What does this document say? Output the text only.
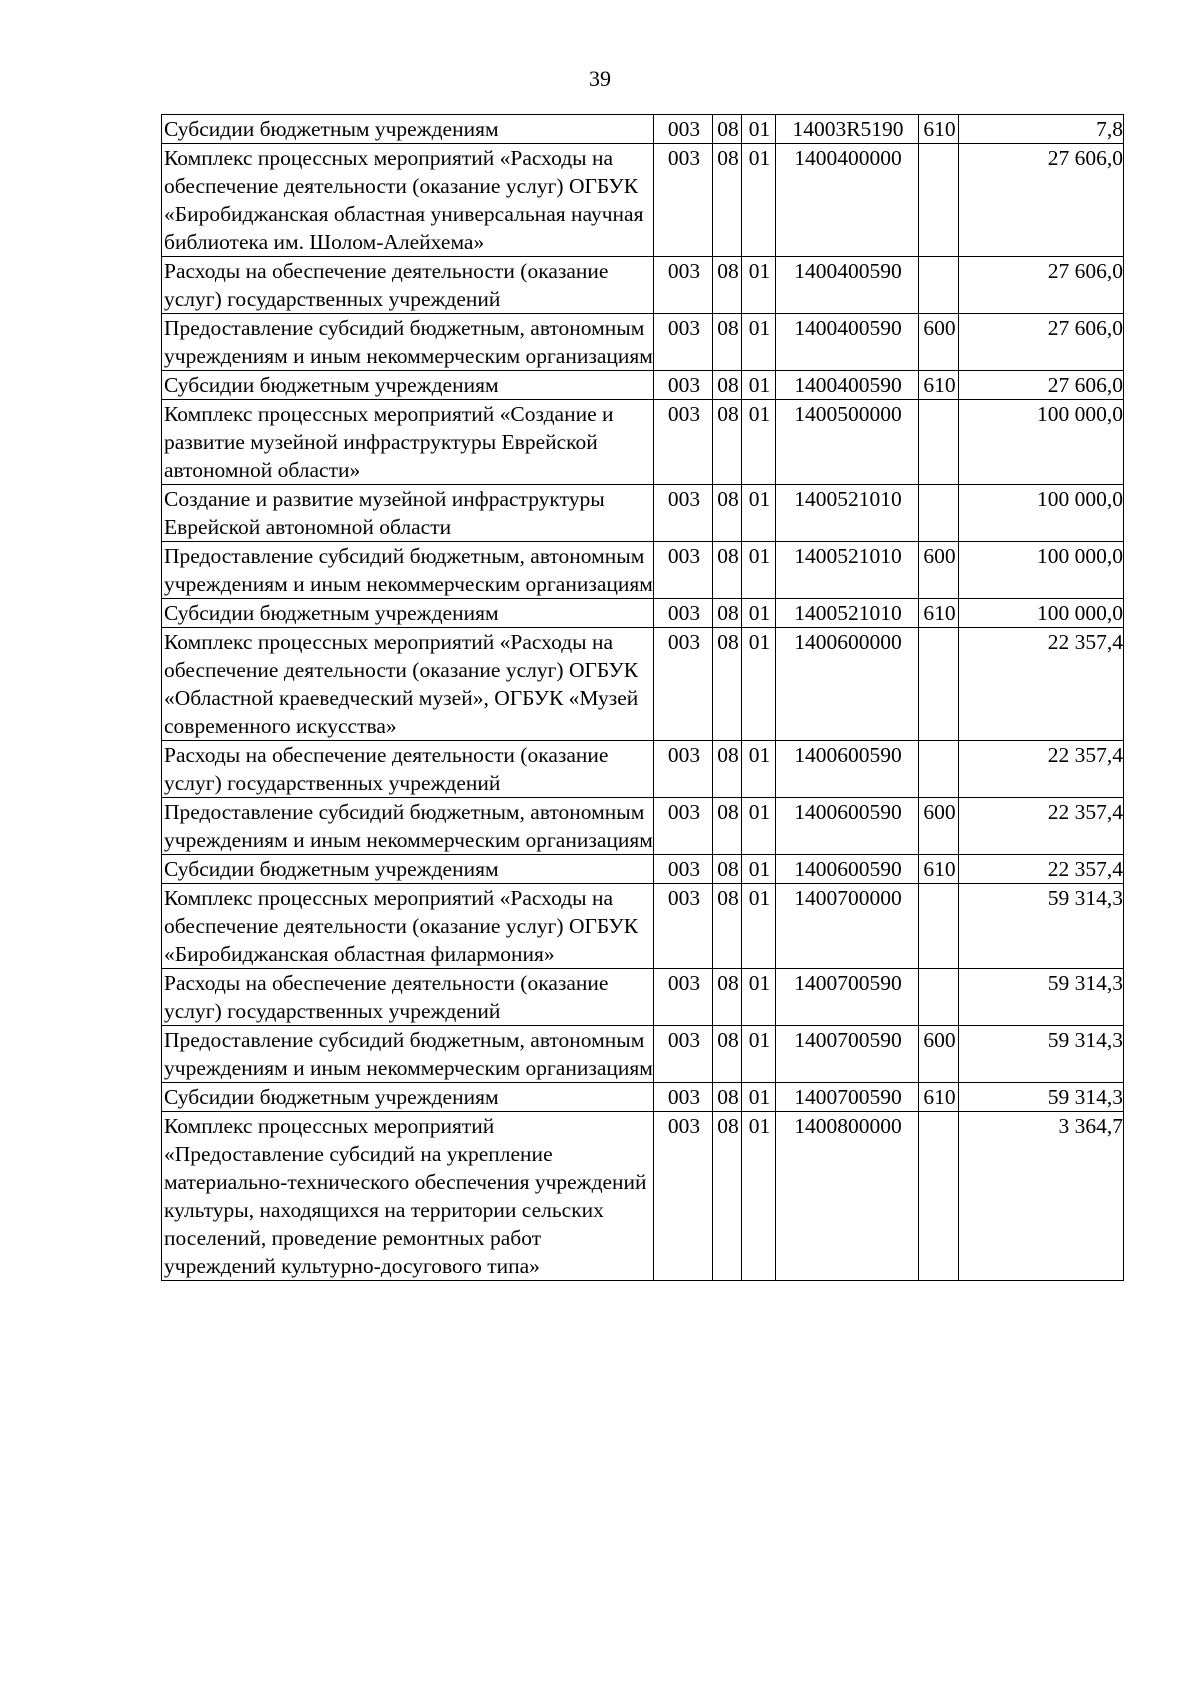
39
Субсидии бюджетным учреждениям	003	08	01	14003R5190	610	7,8
Комплекс процессных мероприятий «Расходы на обеспечение деятельности (оказание услуг) ОГБУК «Биробиджанская областная универсальная научная библиотека им. Шолом-Алейхема»	003	08	01	1400400000		27 606,0
Расходы на обеспечение деятельности (оказание услуг) государственных учреждений	003	08	01	1400400590		27 606,0
Предоставление субсидий бюджетным, автономным учреждениям и иным некоммерческим организациям	003	08	01	1400400590	600	27 606,0
Субсидии бюджетным учреждениям	003	08	01	1400400590	610	27 606,0
Комплекс процессных мероприятий «Создание и развитие музейной инфраструктуры Еврейской автономной области»	003	08	01	1400500000		100 000,0
Создание и развитие музейной инфраструктуры Еврейской автономной области	003	08	01	1400521010		100 000,0
Предоставление субсидий бюджетным, автономным учреждениям и иным некоммерческим организациям	003	08	01	1400521010	600	100 000,0
Субсидии бюджетным учреждениям	003	08	01	1400521010	610	100 000,0
Комплекс процессных мероприятий «Расходы на обеспечение деятельности (оказание услуг) ОГБУК «Областной краеведческий музей», ОГБУК «Музей современного искусства»	003	08	01	1400600000		22 357,4
Расходы на обеспечение деятельности (оказание услуг) государственных учреждений	003	08	01	1400600590		22 357,4
Предоставление субсидий бюджетным, автономным учреждениям и иным некоммерческим организациям	003	08	01	1400600590	600	22 357,4
Субсидии бюджетным учреждениям	003	08	01	1400600590	610	22 357,4
Комплекс процессных мероприятий «Расходы на обеспечение деятельности (оказание услуг) ОГБУК «Биробиджанская областная филармония»	003	08	01	1400700000		59 314,3
Расходы на обеспечение деятельности (оказание услуг) государственных учреждений	003	08	01	1400700590		59 314,3
Предоставление субсидий бюджетным, автономным учреждениям и иным некоммерческим организациям	003	08	01	1400700590	600	59 314,3
Субсидии бюджетным учреждениям	003	08	01	1400700590	610	59 314,3
Комплекс процессных мероприятий «Предоставление субсидий на укрепление материально-технического обеспечения учреждений культуры, находящихся на территории сельских поселений, проведение ремонтных работ учреждений культурно-досугового типа»	003	08	01	1400800000		3 364,7
